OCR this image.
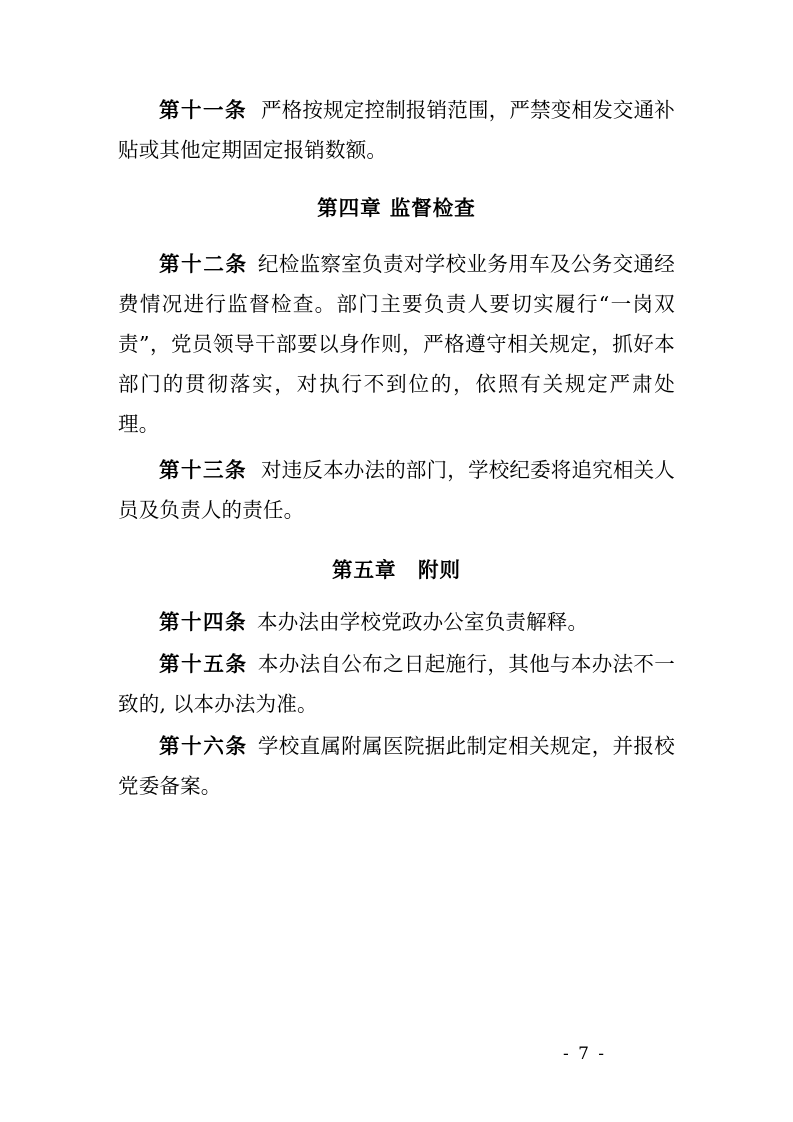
第十一条 严格按规定控制报销范围，严禁变相发交通补贴或其他定期固定报销数额。

第四章 监督检查

第十二条 纪检监察室负责对学校业务用车及公务交通经费情况进行监督检查。部门主要负责人要切实履行“一岗双责”，党员领导干部要以身作则，严格遵守相关规定，抓好本部门的贯彻落实，对执行不到位的，依照有关规定严肃处理。

第十三条 对违反本办法的部门，学校纪委将追究相关人员及负责人的责任。

第五章　附则

第十四条 本办法由学校党政办公室负责解释。

第十五条 本办法自公布之日起施行，其他与本办法不一致的, 以本办法为准。

第十六条 学校直属附属医院据此制定相关规定，并报校党委备案。

- 7 -
